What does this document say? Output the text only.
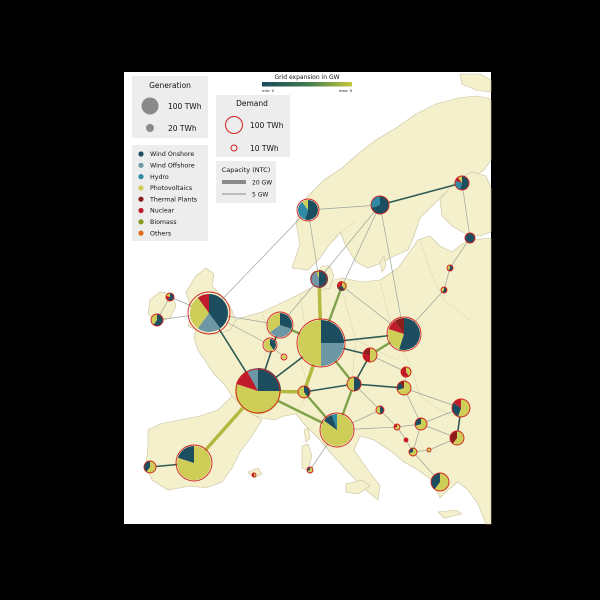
Generation
100 TWh
20 TWh
Grid expansion in GW
min: 0	max: 9
Demand
100 TWh
10 TWh
Wind Onshore
Wind Offshore
Hydro
Photovoltaics
Thermal Plants
Nuclear
Biomass
Others
Capacity (NTC)
20 GW
5 GW
